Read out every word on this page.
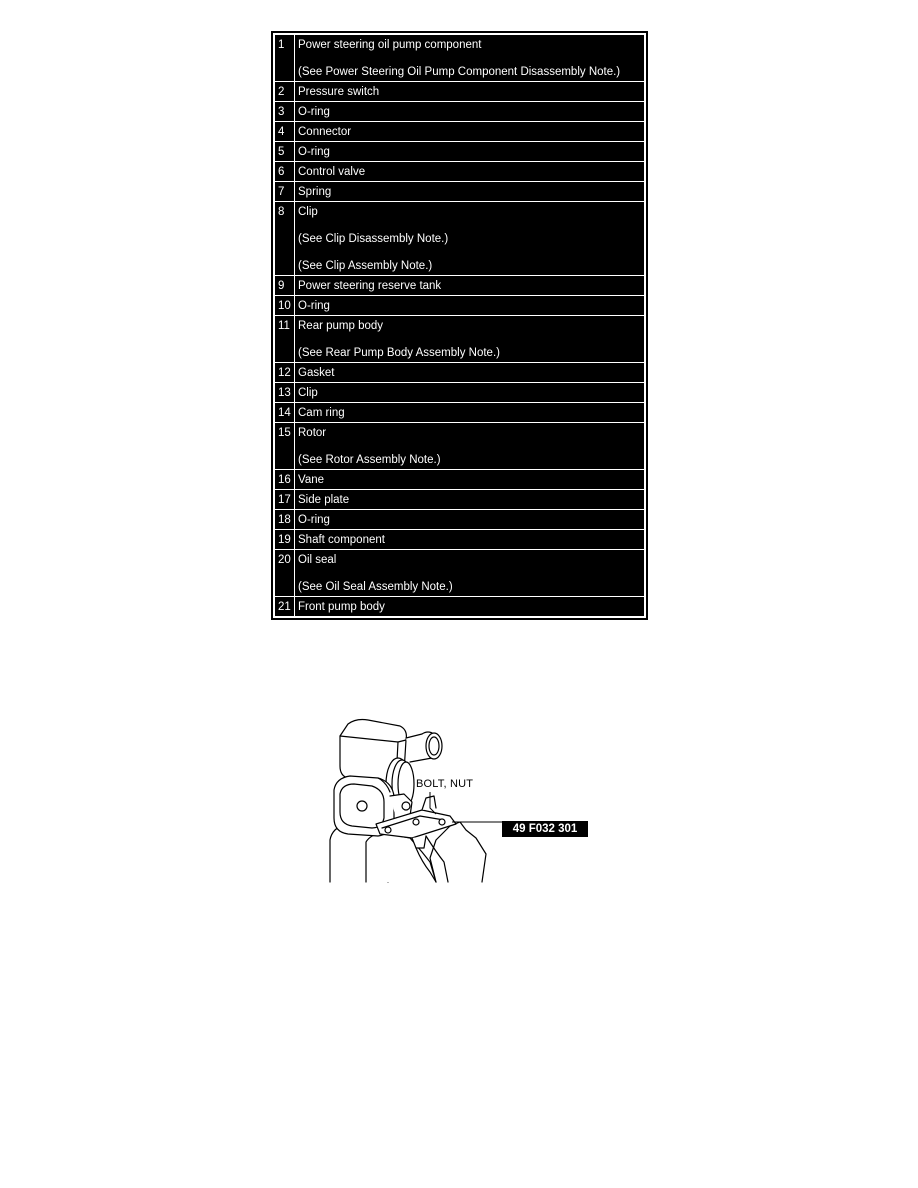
1	Power steering oil pump component
(See Power Steering Oil Pump Component Disassembly Note.)

2	Pressure switch
3	O-ring
4	Connector
5	O-ring
6	Control valve
7	Spring
8	Clip
(See Clip Disassembly Note.)
(See Clip Assembly Note.)

9	Power steering reserve tank
10	O-ring
11	Rear pump body
(See Rear Pump Body Assembly Note.)

12	Gasket
13	Clip
14	Cam ring
15	Rotor
(See Rotor Assembly Note.)

16	Vane
17	Side plate
18	O-ring
19	Shaft component
20	Oil seal
(See Oil Seal Assembly Note.)

21	Front pump body
BOLT, NUT
49 F032 301
